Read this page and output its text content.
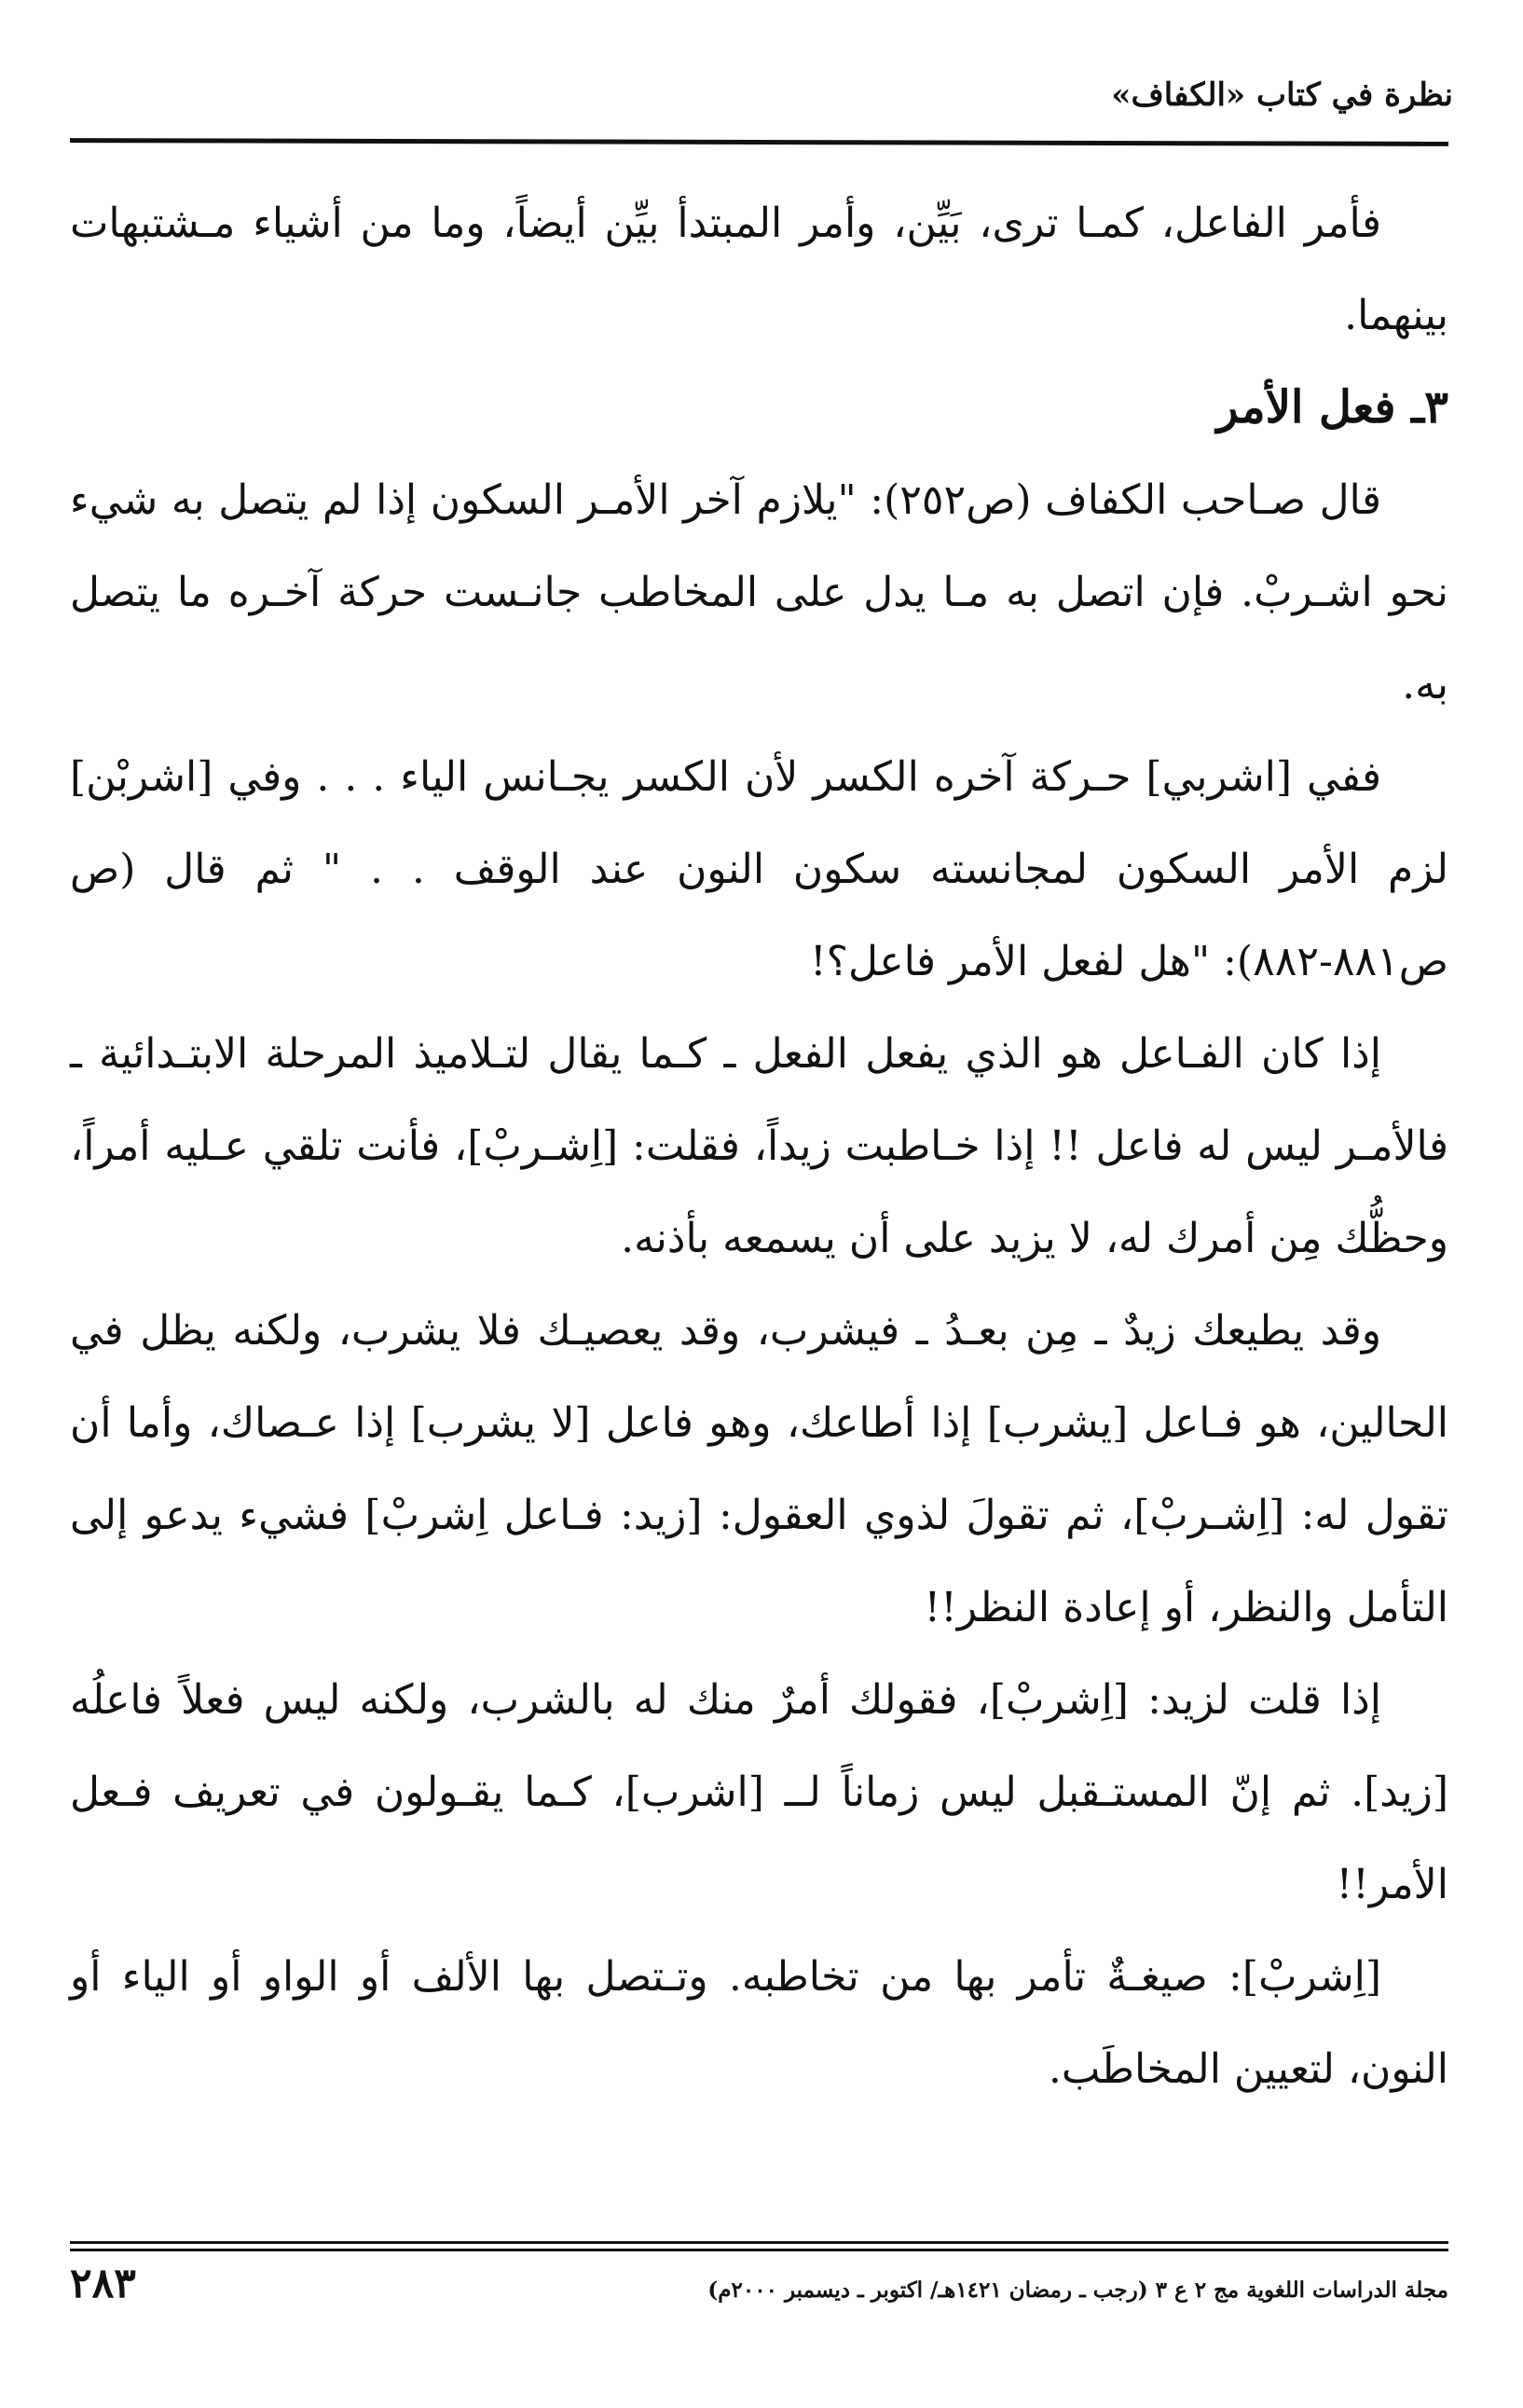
نظرة في كتاب «الكفاف»

فأمر الفاعل، كمـا ترى، بَيِّن، وأمر المبتدأ بيِّن أيضاً، وما من أشياء مـشتبهات بينهما.

٣ـ فعل الأمر

قال صـاحب الكفاف (ص٢٥٢): "يلازم آخر الأمـر السكون إذا لم يتصل به شيء نحو اشـربْ. فإن اتصل به مـا يدل على المخاطب جانـست حركة آخـره ما يتصل به.

ففي [اشربي] حـركة آخره الكسر لأن الكسر يجـانس الياء . . . وفي [اشربْن] لزم الأمر السكون لمجانسته سكون النون عند الوقف . . " ثم قال (ص ص٨٨١-٨٨٢): "هل لفعل الأمر فاعل؟!

إذا كان الفـاعل هو الذي يفعل الفعل ـ كـما يقال لتـلاميذ المرحلة الابتـدائية ـ فالأمـر ليس له فاعل !! إذا خـاطبت زيداً، فقلت: [اِشـربْ]، فأنت تلقي عـليه أمراً، وحظُّك مِن أمرك له، لا يزيد على أن يسمعه بأذنه.

وقد يطيعك زيدٌ ـ مِن بعـدُ ـ فيشرب، وقد يعصيـك فلا يشرب، ولكنه يظل في الحالين، هو فـاعل [يشرب] إذا أطاعك، وهو فاعل [لا يشرب] إذا عـصاك، وأما أن تقول له: [اِشـربْ]، ثم تقولَ لذوي العقول: [زيد: فـاعل اِشربْ] فشيء يدعو إلى التأمل والنظر، أو إعادة النظر!!

إذا قلت لزيد: [اِشربْ]، فقولك أمرٌ منك له بالشرب، ولكنه ليس فعلاً فاعلُه [زيد]. ثم إنّ المستـقبل ليس زماناً لــ [اشرب]، كـما يقـولون في تعريف فـعل الأمر!!

[اِشربْ]: صيغـةٌ تأمر بها من تخاطبه. وتـتصل بها الألف أو الواو أو الياء أو النون، لتعيين المخاطَب.

مجلة الدراسات اللغوية مج ٢ ع ٣ (رجب ـ رمضان ١٤٢١هـ/ اكتوبر ـ ديسمبر ٢٠٠٠م)
٢٨٣
